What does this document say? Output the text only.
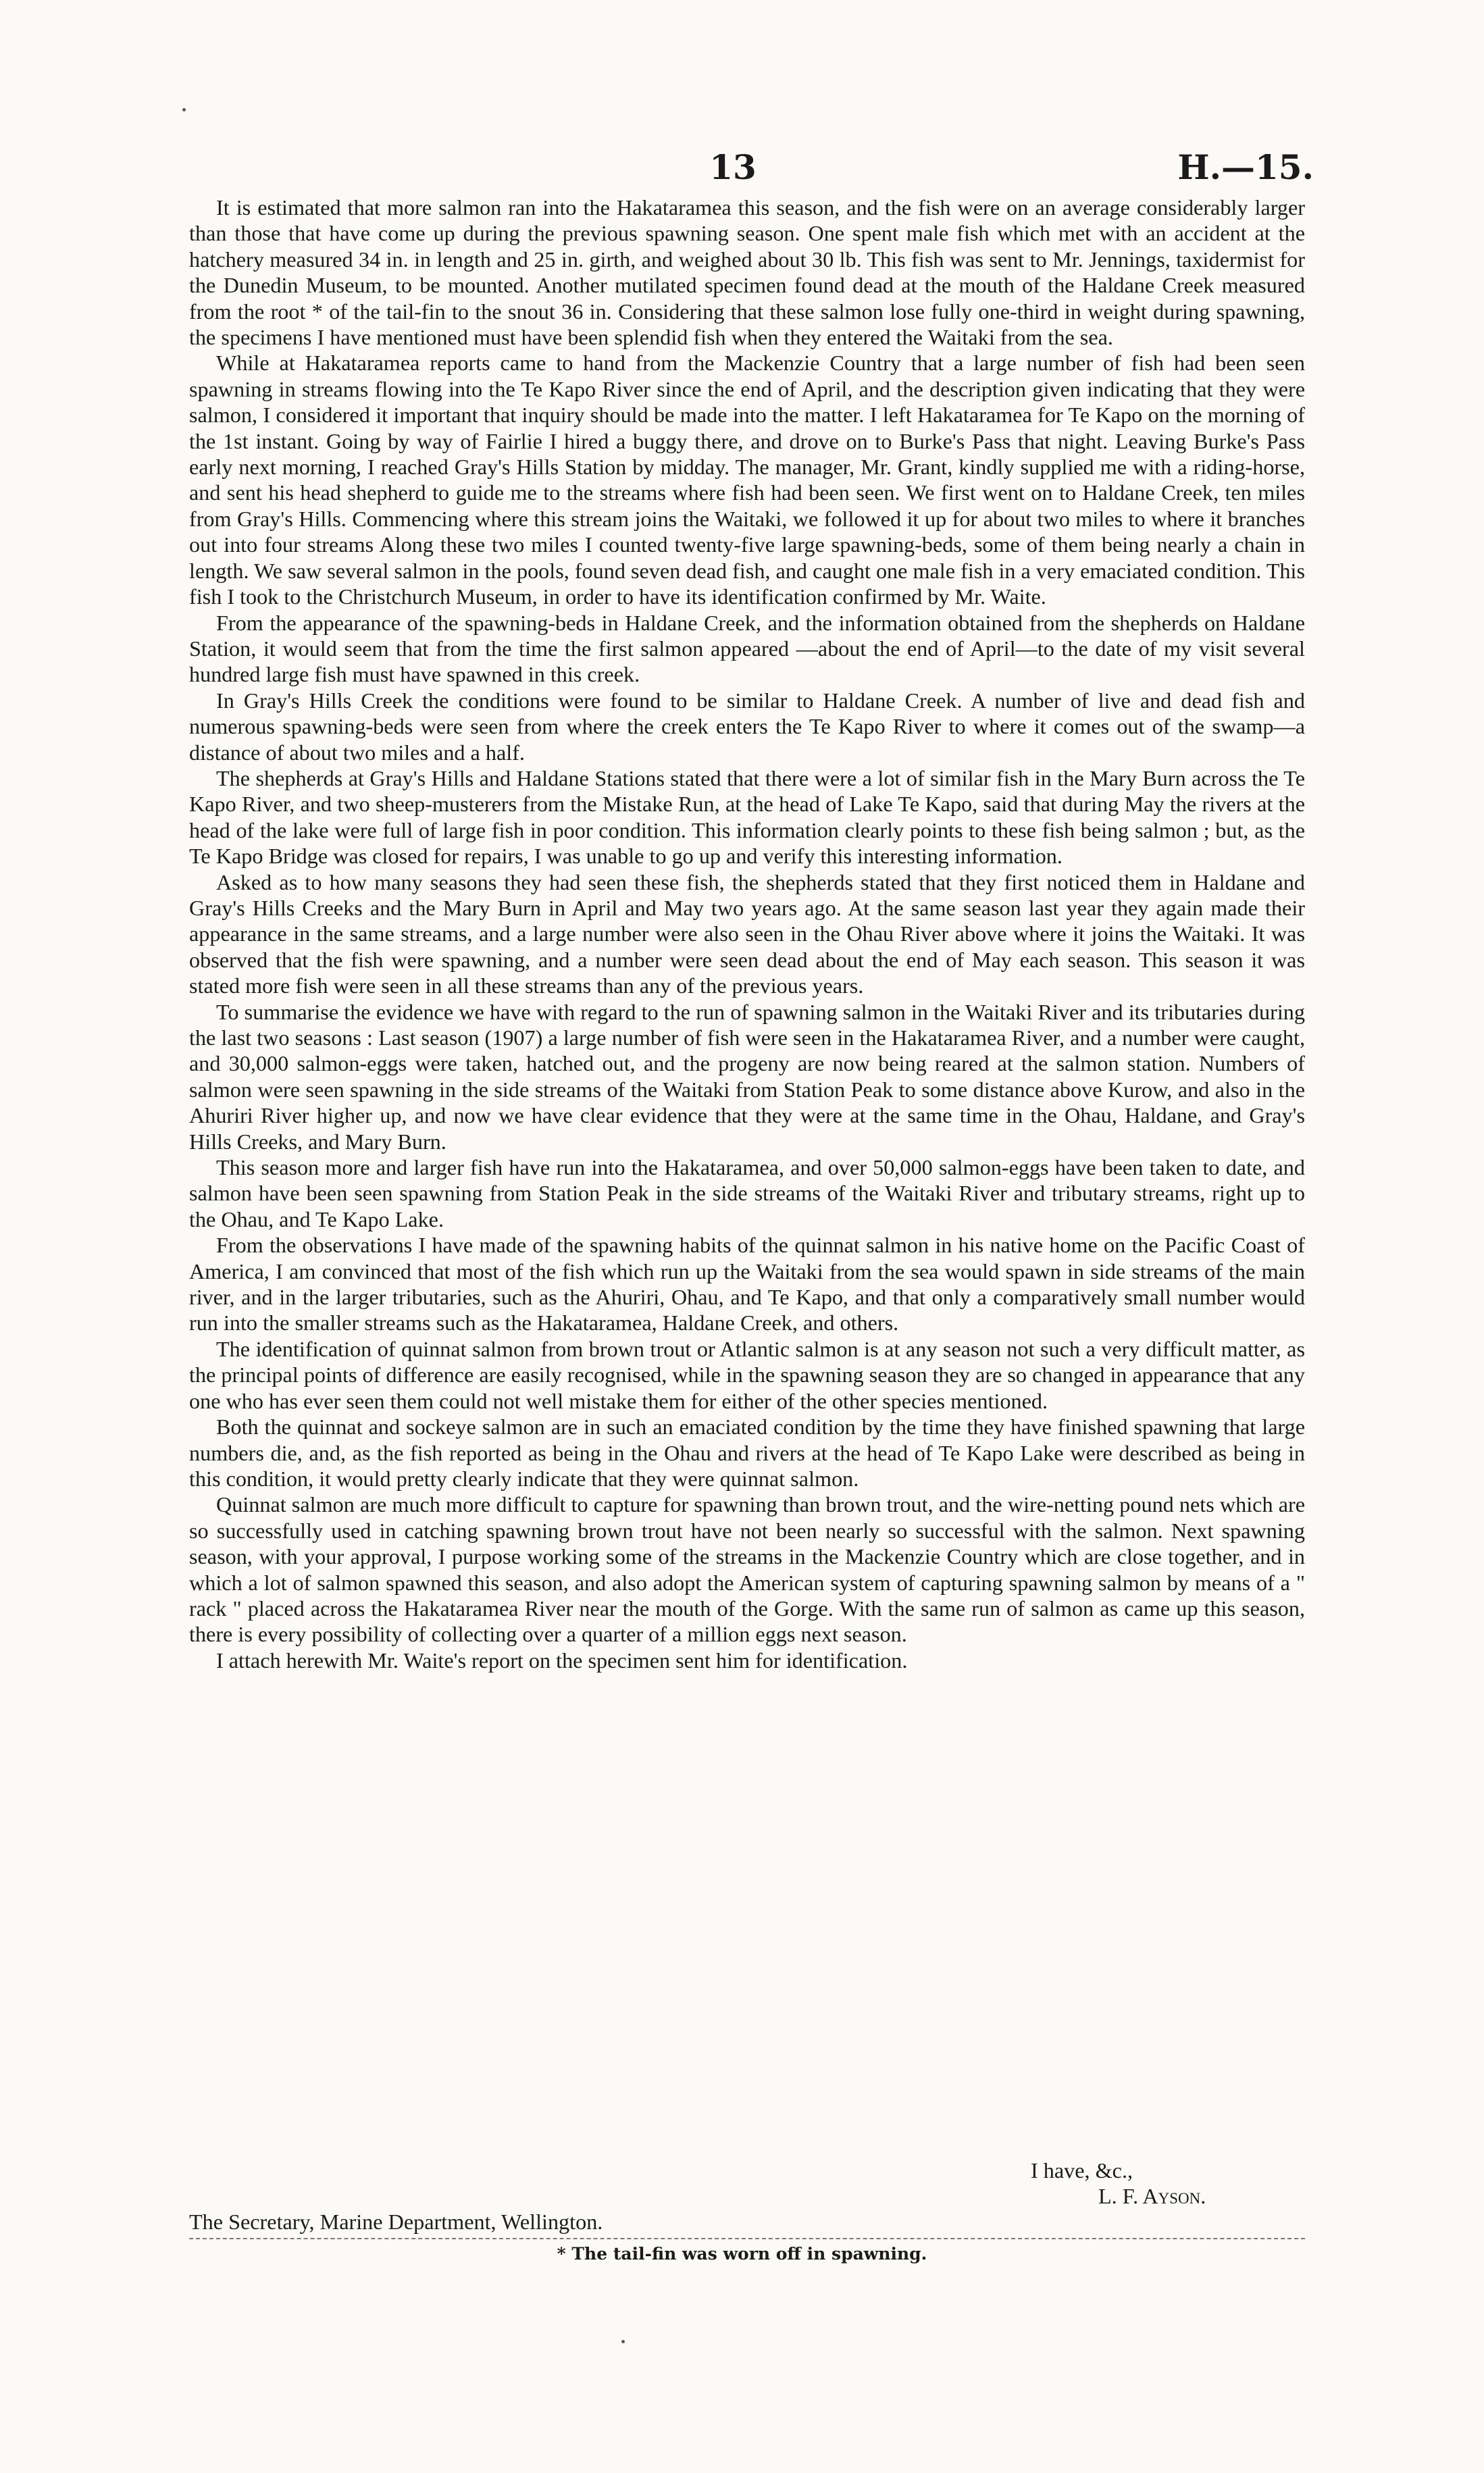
13	H.—15.

It is estimated that more salmon ran into the Hakataramea this season, and the fish were on an average considerably larger than those that have come up during the previous spawning season. One spent male fish which met with an accident at the hatchery measured 34 in. in length and 25 in. girth, and weighed about 30 lb. This fish was sent to Mr. Jennings, taxidermist for the Dunedin Museum, to be mounted. Another mutilated specimen found dead at the mouth of the Haldane Creek measured from the root * of the tail-fin to the snout 36 in. Considering that these salmon lose fully one-third in weight during spawning, the specimens I have mentioned must have been splendid fish when they entered the Waitaki from the sea.

While at Hakataramea reports came to hand from the Mackenzie Country that a large number of fish had been seen spawning in streams flowing into the Te Kapo River since the end of April, and the description given indicating that they were salmon, I considered it important that inquiry should be made into the matter. I left Hakataramea for Te Kapo on the morning of the 1st instant. Going by way of Fairlie I hired a buggy there, and drove on to Burke's Pass that night. Leaving Burke's Pass early next morning, I reached Gray's Hills Station by midday. The manager, Mr. Grant, kindly supplied me with a riding-horse, and sent his head shepherd to guide me to the streams where fish had been seen. We first went on to Haldane Creek, ten miles from Gray's Hills. Commencing where this stream joins the Waitaki, we followed it up for about two miles to where it branches out into four streams Along these two miles I counted twenty-five large spawning-beds, some of them being nearly a chain in length. We saw several salmon in the pools, found seven dead fish, and caught one male fish in a very emaciated condition. This fish I took to the Christchurch Museum, in order to have its identification confirmed by Mr. Waite.

From the appearance of the spawning-beds in Haldane Creek, and the information obtained from the shepherds on Haldane Station, it would seem that from the time the first salmon appeared —about the end of April—to the date of my visit several hundred large fish must have spawned in this creek.

In Gray's Hills Creek the conditions were found to be similar to Haldane Creek. A number of live and dead fish and numerous spawning-beds were seen from where the creek enters the Te Kapo River to where it comes out of the swamp—a distance of about two miles and a half.

The shepherds at Gray's Hills and Haldane Stations stated that there were a lot of similar fish in the Mary Burn across the Te Kapo River, and two sheep-musterers from the Mistake Run, at the head of Lake Te Kapo, said that during May the rivers at the head of the lake were full of large fish in poor condition. This information clearly points to these fish being salmon ; but, as the Te Kapo Bridge was closed for repairs, I was unable to go up and verify this interesting information.

Asked as to how many seasons they had seen these fish, the shepherds stated that they first noticed them in Haldane and Gray's Hills Creeks and the Mary Burn in April and May two years ago. At the same season last year they again made their appearance in the same streams, and a large number were also seen in the Ohau River above where it joins the Waitaki. It was observed that the fish were spawning, and a number were seen dead about the end of May each season. This season it was stated more fish were seen in all these streams than any of the previous years.

To summarise the evidence we have with regard to the run of spawning salmon in the Waitaki River and its tributaries during the last two seasons : Last season (1907) a large number of fish were seen in the Hakataramea River, and a number were caught, and 30,000 salmon-eggs were taken, hatched out, and the progeny are now being reared at the salmon station. Numbers of salmon were seen spawning in the side streams of the Waitaki from Station Peak to some distance above Kurow, and also in the Ahuriri River higher up, and now we have clear evidence that they were at the same time in the Ohau, Haldane, and Gray's Hills Creeks, and Mary Burn.

This season more and larger fish have run into the Hakataramea, and over 50,000 salmon-eggs have been taken to date, and salmon have been seen spawning from Station Peak in the side streams of the Waitaki River and tributary streams, right up to the Ohau, and Te Kapo Lake.

From the observations I have made of the spawning habits of the quinnat salmon in his native home on the Pacific Coast of America, I am convinced that most of the fish which run up the Waitaki from the sea would spawn in side streams of the main river, and in the larger tributaries, such as the Ahuriri, Ohau, and Te Kapo, and that only a comparatively small number would run into the smaller streams such as the Hakataramea, Haldane Creek, and others.

The identification of quinnat salmon from brown trout or Atlantic salmon is at any season not such a very difficult matter, as the principal points of difference are easily recognised, while in the spawning season they are so changed in appearance that any one who has ever seen them could not well mistake them for either of the other species mentioned.

Both the quinnat and sockeye salmon are in such an emaciated condition by the time they have finished spawning that large numbers die, and, as the fish reported as being in the Ohau and rivers at the head of Te Kapo Lake were described as being in this condition, it would pretty clearly indicate that they were quinnat salmon.

Quinnat salmon are much more difficult to capture for spawning than brown trout, and the wire-netting pound nets which are so successfully used in catching spawning brown trout have not been nearly so successful with the salmon. Next spawning season, with your approval, I purpose working some of the streams in the Mackenzie Country which are close together, and in which a lot of salmon spawned this season, and also adopt the American system of capturing spawning salmon by means of a " rack " placed across the Hakataramea River near the mouth of the Gorge. With the same run of salmon as came up this season, there is every possibility of collecting over a quarter of a million eggs next season.

I attach herewith Mr. Waite's report on the specimen sent him for identification.

I have, &c.,
L. F. Ayson.
The Secretary, Marine Department, Wellington.
* The tail-fin was worn off in spawning.
